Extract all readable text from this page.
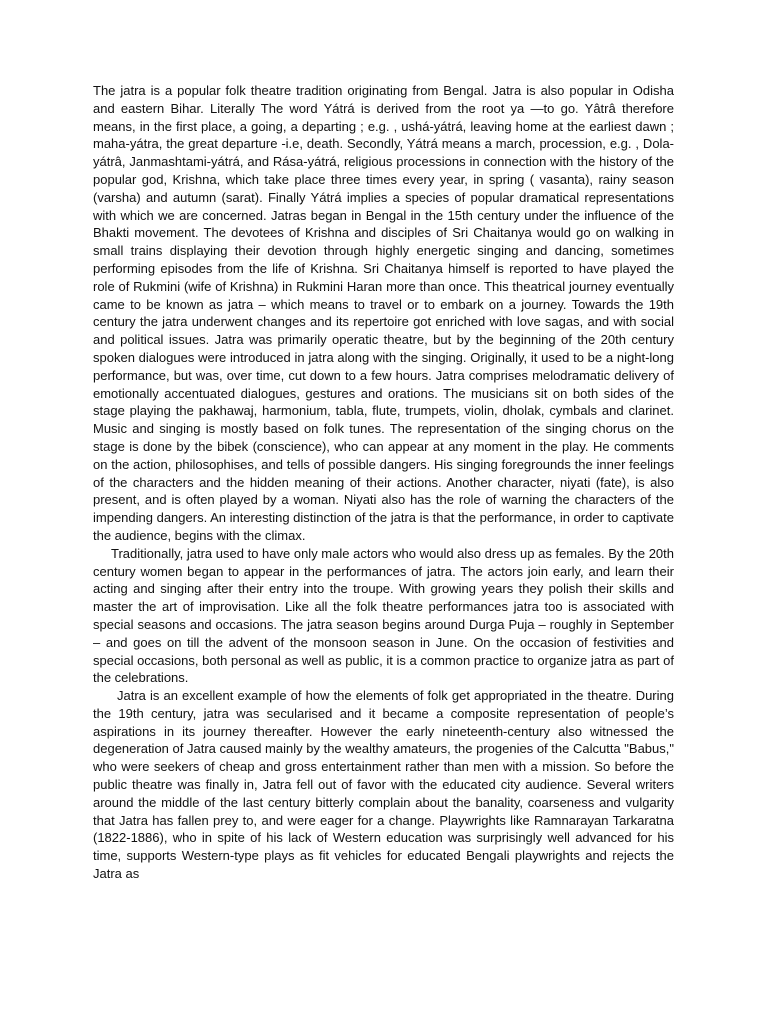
The jatra is a popular folk theatre tradition originating from Bengal. Jatra is also popular in Odisha and eastern Bihar. Literally The word Yátrá is derived from the root ya —to go. Yâtrâ therefore means, in the first place, a going, a departing ; e.g. , ushá-yátrá, leaving home at the earliest dawn ; maha-yátra, the great departure -i.e, death. Secondly, Yátrá means a march, procession, e.g. , Dola-yátrâ, Janmashtami-yátrá, and Rása-yátrá, religious processions in connection with the history of the popular god, Krishna, which take place three times every year, in spring ( vasanta), rainy season (varsha) and autumn (sarat). Finally Yátrá implies a species of popular dramatical representations with which we are concerned. Jatras began in Bengal in the 15th century under the influence of the Bhakti movement. The devotees of Krishna and disciples of Sri Chaitanya would go on walking in small trains displaying their devotion through highly energetic singing and dancing, sometimes performing episodes from the life of Krishna. Sri Chaitanya himself is reported to have played the role of Rukmini (wife of Krishna) in Rukmini Haran more than once. This theatrical journey eventually came to be known as jatra – which means to travel or to embark on a journey. Towards the 19th century the jatra underwent changes and its repertoire got enriched with love sagas, and with social and political issues. Jatra was primarily operatic theatre, but by the beginning of the 20th century spoken dialogues were introduced in jatra along with the singing. Originally, it used to be a night-long performance, but was, over time, cut down to a few hours. Jatra comprises melodramatic delivery of emotionally accentuated dialogues, gestures and orations. The musicians sit on both sides of the stage playing the pakhawaj, harmonium, tabla, flute, trumpets, violin, dholak, cymbals and clarinet. Music and singing is mostly based on folk tunes. The representation of the singing chorus on the stage is done by the bibek (conscience), who can appear at any moment in the play. He comments on the action, philosophises, and tells of possible dangers. His singing foregrounds the inner feelings of the characters and the hidden meaning of their actions. Another character, niyati (fate), is also present, and is often played by a woman. Niyati also has the role of warning the characters of the impending dangers. An interesting distinction of the jatra is that the performance, in order to captivate the audience, begins with the climax.

Traditionally, jatra used to have only male actors who would also dress up as females. By the 20th century women began to appear in the performances of jatra. The actors join early, and learn their acting and singing after their entry into the troupe. With growing years they polish their skills and master the art of improvisation. Like all the folk theatre performances jatra too is associated with special seasons and occasions. The jatra season begins around Durga Puja – roughly in September – and goes on till the advent of the monsoon season in June. On the occasion of festivities and special occasions, both personal as well as public, it is a common practice to organize jatra as part of the celebrations.

Jatra is an excellent example of how the elements of folk get appropriated in the theatre. During the 19th century, jatra was secularised and it became a composite representation of people’s aspirations in its journey thereafter. However the early nineteenth-century also witnessed the degeneration of Jatra caused mainly by the wealthy amateurs, the progenies of the Calcutta "Babus," who were seekers of cheap and gross entertainment rather than men with a mission. So before the public theatre was finally in, Jatra fell out of favor with the educated city audience. Several writers around the middle of the last century bitterly complain about the banality, coarseness and vulgarity that Jatra has fallen prey to, and were eager for a change. Playwrights like Ramnarayan Tarkaratna (1822-1886), who in spite of his lack of Western education was surprisingly well advanced for his time, supports Western-type plays as fit vehicles for educated Bengali playwrights and rejects the Jatra as
